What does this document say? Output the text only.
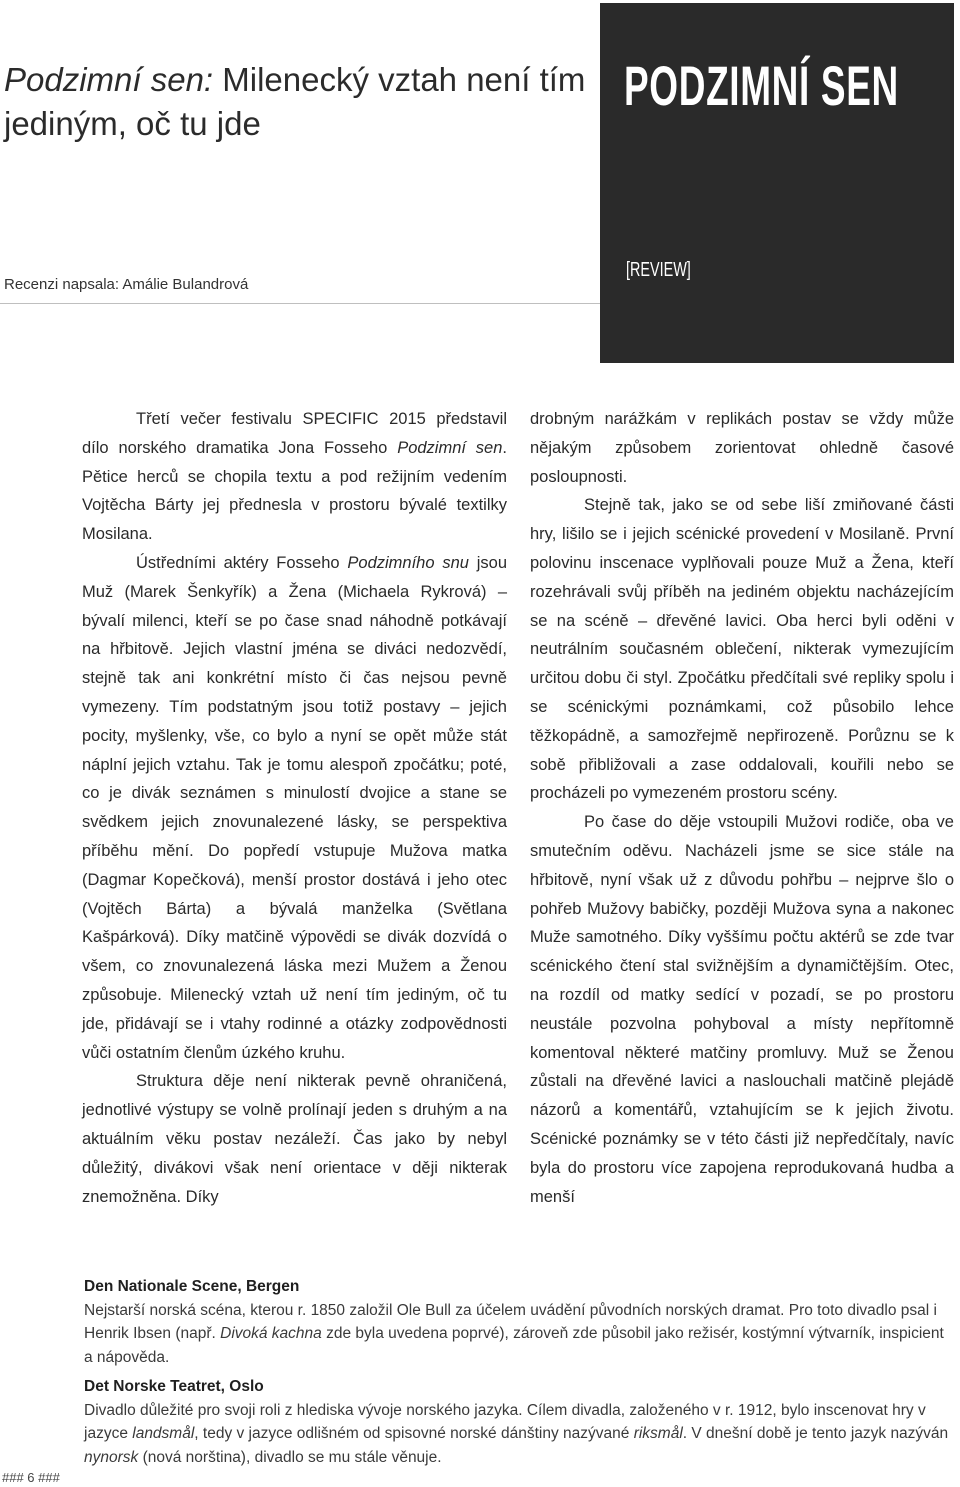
Podzimní sen: Milenecký vztah není tím jediným, oč tu jde
Recenzi napsala: Amálie Bulandrová
PODZIMNÍ SEN
[REVIEW]

Třetí večer festivalu SPECIFIC 2015 představil dílo norského dramatika Jona Fosseho Podzimní sen. Pětice herců se chopila textu a pod režijním vedením Vojtěcha Bárty jej přednesla v prostoru bývalé textilky Mosilana.

Ústředními aktéry Fosseho Podzimního snu jsou Muž (Marek Šenkyřík) a Žena (Michaela Rykrová) – bývalí milenci, kteří se po čase snad náhodně potkávají na hřbitově. Jejich vlastní jména se diváci nedozvědí, stejně tak ani konkrétní místo či čas nejsou pevně vymezeny. Tím podstatným jsou totiž postavy – jejich pocity, myšlenky, vše, co bylo a nyní se opět může stát náplní jejich vztahu. Tak je tomu alespoň zpočátku; poté, co je divák seznámen s minulostí dvojice a stane se svědkem jejich znovunalezené lásky, se perspektiva příběhu mění. Do popředí vstupuje Mužova matka (Dagmar Kopečková), menší prostor dostává i jeho otec (Vojtěch Bárta) a bývalá manželka (Světlana Kašpárková). Díky matčině výpovědi se divák dozvídá o všem, co znovunalezená láska mezi Mužem a Ženou způsobuje. Milenecký vztah už není tím jediným, oč tu jde, přidávají se i vtahy rodinné a otázky zodpovědnosti vůči ostatním členům úzkého kruhu.

Struktura děje není nikterak pevně ohraničená, jednotlivé výstupy se volně prolínají jeden s druhým a na aktuálním věku postav nezáleží. Čas jako by nebyl důležitý, divákovi však není orientace v ději nikterak znemožněna. Díky

drobným narážkám v replikách postav se vždy může nějakým způsobem zorientovat ohledně časové posloupnosti.

Stejně tak, jako se od sebe liší zmiňované části hry, lišilo se i jejich scénické provedení v Mosilaně. První polovinu inscenace vyplňovali pouze Muž a Žena, kteří rozehrávali svůj příběh na jediném objektu nacházejícím se na scéně – dřevěné lavici. Oba herci byli oděni v neutrálním současném oblečení, nikterak vymezujícím určitou dobu či styl. Zpočátku předčítali své repliky spolu i se scénickými poznámkami, což působilo lehce těžkopádně, a samozřejmě nepřirozeně. Porůznu se k sobě přibližovali a zase oddalovali, kouřili nebo se procházeli po vymezeném prostoru scény.

Po čase do děje vstoupili Mužovi rodiče, oba ve smutečním oděvu. Nacházeli jsme se sice stále na hřbitově, nyní však už z důvodu pohřbu – nejprve šlo o pohřeb Mužovy babičky, později Mužova syna a nakonec Muže samotného. Díky vyššímu počtu aktérů se zde tvar scénického čtení stal svižnějším a dynamičtějším. Otec, na rozdíl od matky sedící v pozadí, se po prostoru neustále pozvolna pohyboval a místy nepřítomně komentoval některé matčiny promluvy. Muž se Ženou zůstali na dřevěné lavici a naslouchali matčině plejádě názorů a komentářů, vztahujícím se k jejich životu. Scénické poznámky se v této části již nepředčítaly, navíc byla do prostoru více zapojena reprodukovaná hudba a menší

Den Nationale Scene, Bergen
Nejstarší norská scéna, kterou r. 1850 založil Ole Bull za účelem uvádění původních norských dramat. Pro toto divadlo psal i Henrik Ibsen (např. Divoká kachna zde byla uvedena poprvé), zároveň zde působil jako režisér, kostýmní výtvarník, inspicient a nápověda.
Det Norske Teatret, Oslo
Divadlo důležité pro svoji roli z hlediska vývoje norského jazyka. Cílem divadla, založeného v r. 1912, bylo inscenovat hry v jazyce landsmål, tedy v jazyce odlišném od spisovné norské dánštiny nazývané riksmål. V dnešní době je tento jazyk nazýván nynorsk (nová norština), divadlo se mu stále věnuje.
### 6 ###
